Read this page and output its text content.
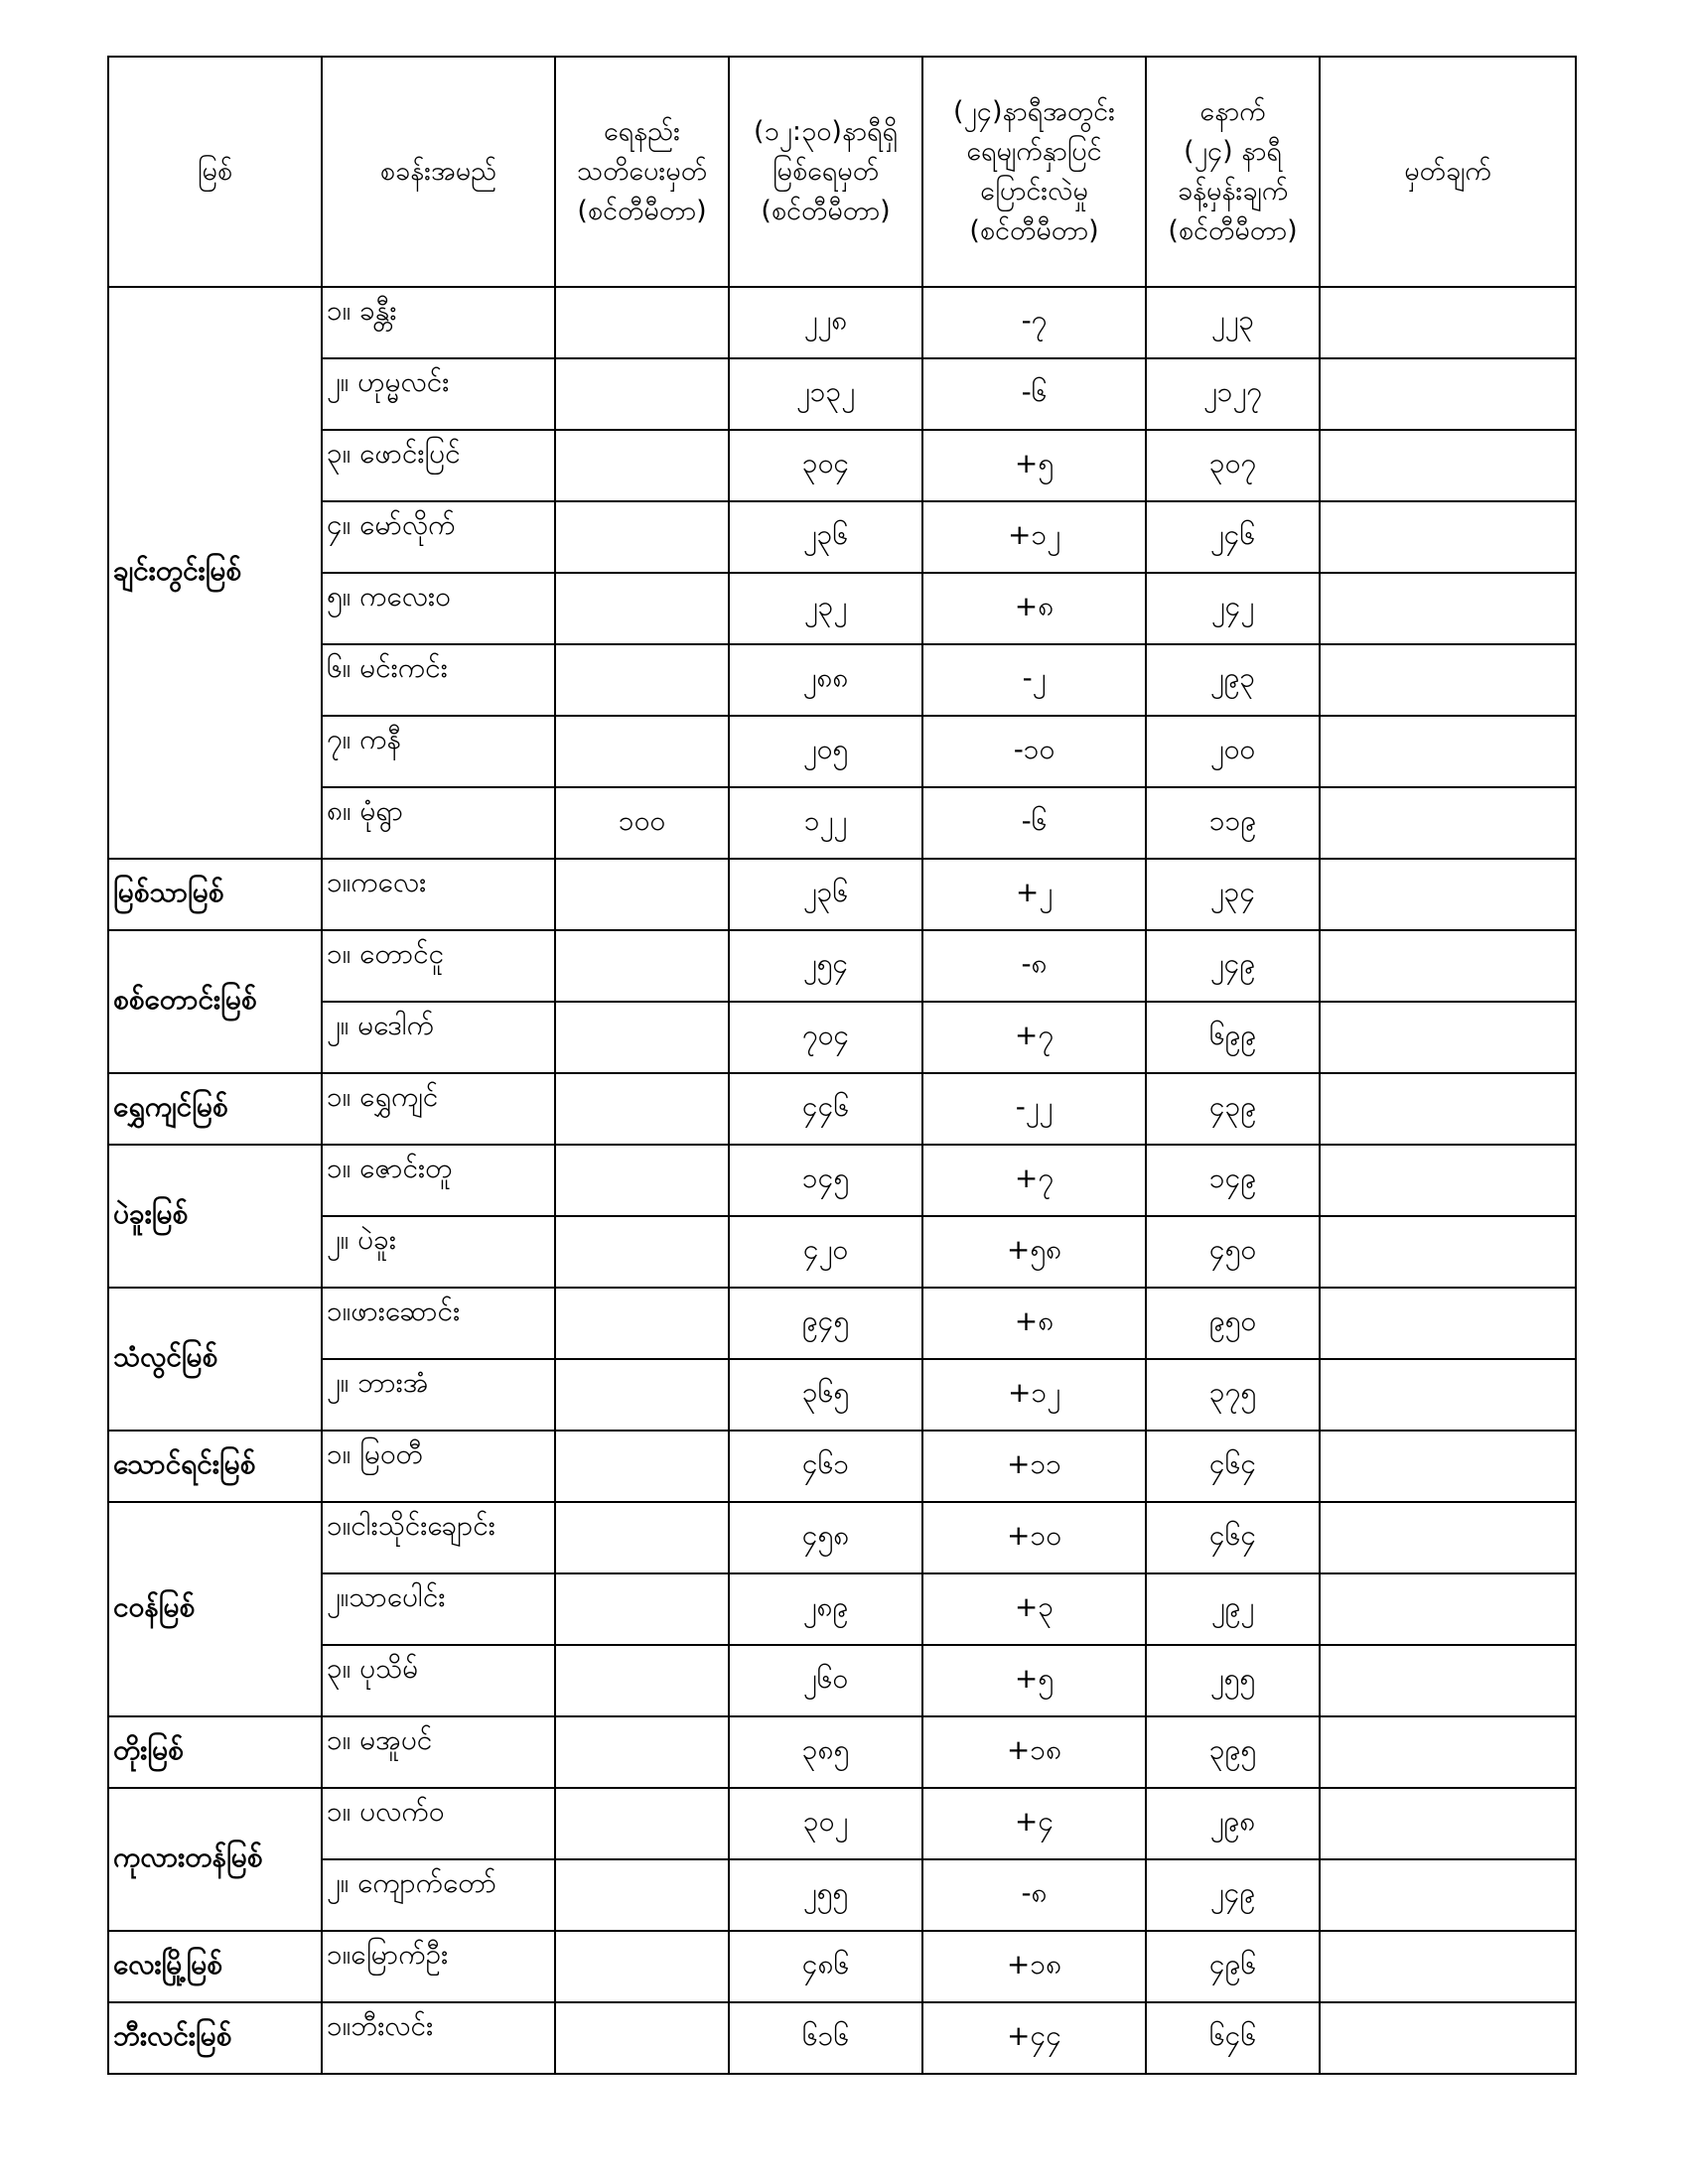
မြစ်	စခန်းအမည်	ရေနည်း
သတိပေးမှတ်
(စင်တီမီတာ)	(၁၂:၃၀)နာရီရှိ
မြစ်ရေမှတ်
(စင်တီမီတာ)	(၂၄)နာရီအတွင်း
ရေမျက်နှာပြင်
ပြောင်းလဲမှု
(စင်တီမီတာ)	နောက်
(၂၄) နာရီ
ခန့်မှန်းချက်
(စင်တီမီတာ)	မှတ်ချက်

ချင်းတွင်းမြစ်	၁။ ခန္တီး		၂၂၈	-၇	၂၂၃	
	၂။ ဟုမ္မလင်း		၂၁၃၂	-၆	၂၁၂၇	
	၃။ ဖောင်းပြင်		၃၀၄	+၅	၃၀၇	
	၄။ မော်လိုက်		၂၃၆	+၁၂	၂၄၆	
	၅။ ကလေးဝ		၂၃၂	+၈	၂၄၂	
	၆။ မင်းကင်း		၂၈၈	-၂	၂၉၃	
	၇။ ကနီ		၂၀၅	-၁၀	၂၀၀	
	၈။ မုံရွာ	၁၀၀	၁၂၂	-၆	၁၁၉	
မြစ်သာမြစ်	၁။ကလေး		၂၃၆	+၂	၂၃၄	
စစ်တောင်းမြစ်	၁။ တောင်ငူ		၂၅၄	-၈	၂၄၉	
	၂။ မဒေါက်		၇၀၄	+၇	၆၉၉	
ရွှေကျင်မြစ်	၁။ ရွှေကျင်		၄၄၆	-၂၂	၄၃၉	
ပဲခူးမြစ်	၁။ ဇောင်းတူ		၁၄၅	+၇	၁၄၉	
	၂။ ပဲခူး		၄၂၀	+၅၈	၄၅၀	
သံလွင်မြစ်	၁။ဖားဆောင်း		၉၄၅	+၈	၉၅၀	
	၂။ ဘားအံ		၃၆၅	+၁၂	၃၇၅	
သောင်ရင်းမြစ်	၁။ မြဝတီ		၄၆၁	+၁၁	၄၆၄	
ငဝန်မြစ်	၁။ငါးသိုင်းချောင်း		၄၅၈	+၁၀	၄၆၄	
	၂။သာပေါင်း		၂၈၉	+၃	၂၉၂	
	၃။ ပုသိမ်		၂၆၀	+၅	၂၅၅	
တိုးမြစ်	၁။ မအူပင်		၃၈၅	+၁၈	၃၉၅	
ကုလားတန်မြစ်	၁။ ပလက်ဝ		၃၀၂	+၄	၂၉၈	
	၂။ ကျောက်တော်		၂၅၅	-၈	၂၄၉	
လေးမြို့မြစ်	၁။မြောက်ဦး		၄၈၆	+၁၈	၄၉၆	
ဘီးလင်းမြစ်	၁။ဘီးလင်း		၆၁၆	+၄၄	၆၄၆	
